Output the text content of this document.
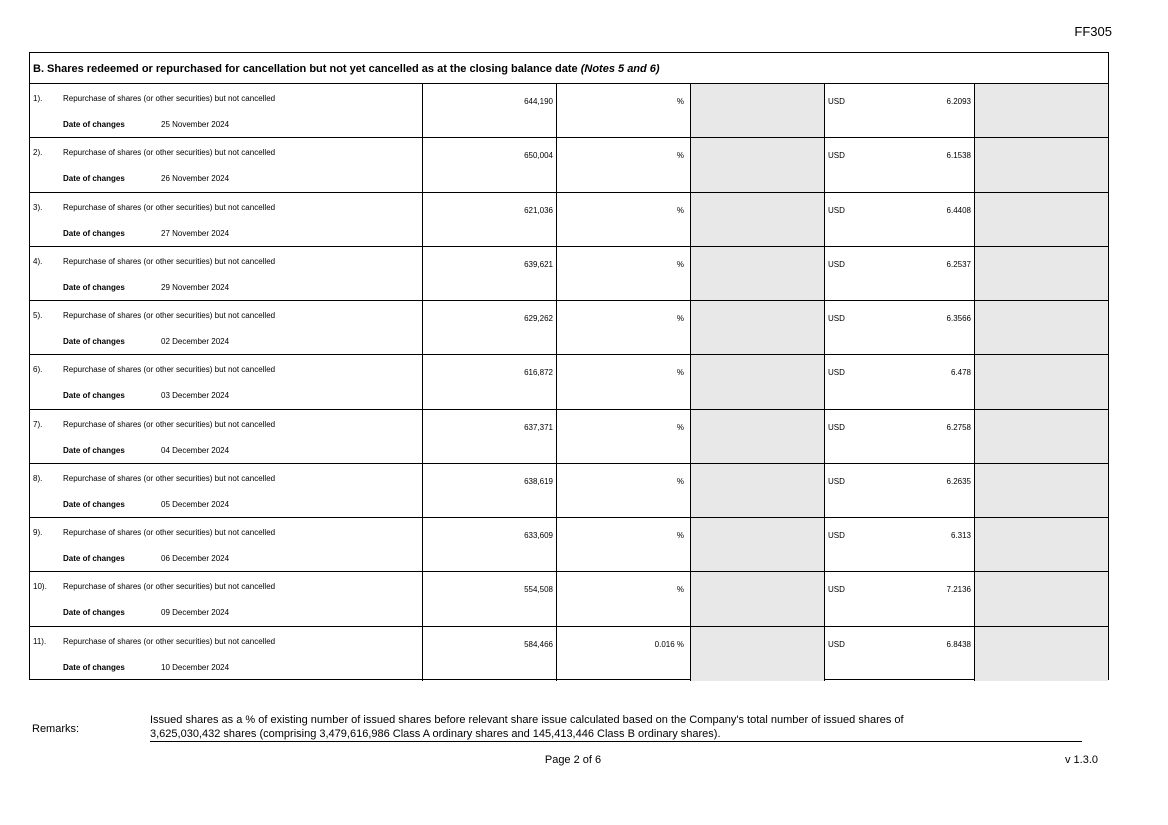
FF305
B. Shares redeemed or repurchased for cancellation but not yet cancelled as at the closing balance date (Notes 5 and 6)
1).	Repurchase of shares (or other securities) but not cancelled
Date of changes	25 November 2024
644,190	%	USD	6.2093
2).	Repurchase of shares (or other securities) but not cancelled
Date of changes	26 November 2024
650,004	%	USD	6.1538
3).	Repurchase of shares (or other securities) but not cancelled
Date of changes	27 November 2024
621,036	%	USD	6.4408
4).	Repurchase of shares (or other securities) but not cancelled
Date of changes	29 November 2024
639,621	%	USD	6.2537
5).	Repurchase of shares (or other securities) but not cancelled
Date of changes	02 December 2024
629,262	%	USD	6.3566
6).	Repurchase of shares (or other securities) but not cancelled
Date of changes	03 December 2024
616,872	%	USD	6.478
7).	Repurchase of shares (or other securities) but not cancelled
Date of changes	04 December 2024
637,371	%	USD	6.2758
8).	Repurchase of shares (or other securities) but not cancelled
Date of changes	05 December 2024
638,619	%	USD	6.2635
9).	Repurchase of shares (or other securities) but not cancelled
Date of changes	06 December 2024
633,609	%	USD	6.313
10).	Repurchase of shares (or other securities) but not cancelled
Date of changes	09 December 2024
554,508	%	USD	7.2136
11).	Repurchase of shares (or other securities) but not cancelled
Date of changes	10 December 2024
584,466	0.016 %	USD	6.8438
Remarks:
Issued shares as a % of existing number of issued shares before relevant share issue calculated based on the Company's total number of issued shares of
3,625,030,432 shares (comprising 3,479,616,986 Class A ordinary shares and 145,413,446 Class B ordinary shares).
Page 2 of 6	v 1.3.0
